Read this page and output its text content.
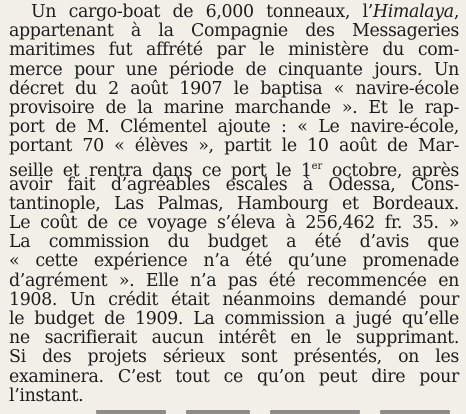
Un cargo-boat de 6,000 tonneaux, l’Himalaya,
appartenant à la Compagnie des Messageries
maritimes fut affrété par le ministère du com-
merce pour une période de cinquante jours. Un
décret du 2 août 1907 le baptisa « navire-école
provisoire de la marine marchande ». Et le rap-
port de M. Clémentel ajoute : « Le navire-école,
portant 70 « élèves », partit le 10 août de Mar-
seille et rentra dans ce port le 1er octobre, après
avoir fait d’agréables escales à Odessa, Cons-
tantinople, Las Palmas, Hambourg et Bordeaux.
Le coût de ce voyage s’éleva à 256,462 fr. 35. »
La commission du budget a été d’avis que
« cette expérience n’a été qu’une promenade
d’agrément ». Elle n’a pas été recommencée en
1908. Un crédit était néanmoins demandé pour
le budget de 1909. La commission a jugé qu’elle
ne sacrifierait aucun intérêt en le supprimant.
Si des projets sérieux sont présentés, on les
examinera. C’est tout ce qu’on peut dire pour
l’instant.
